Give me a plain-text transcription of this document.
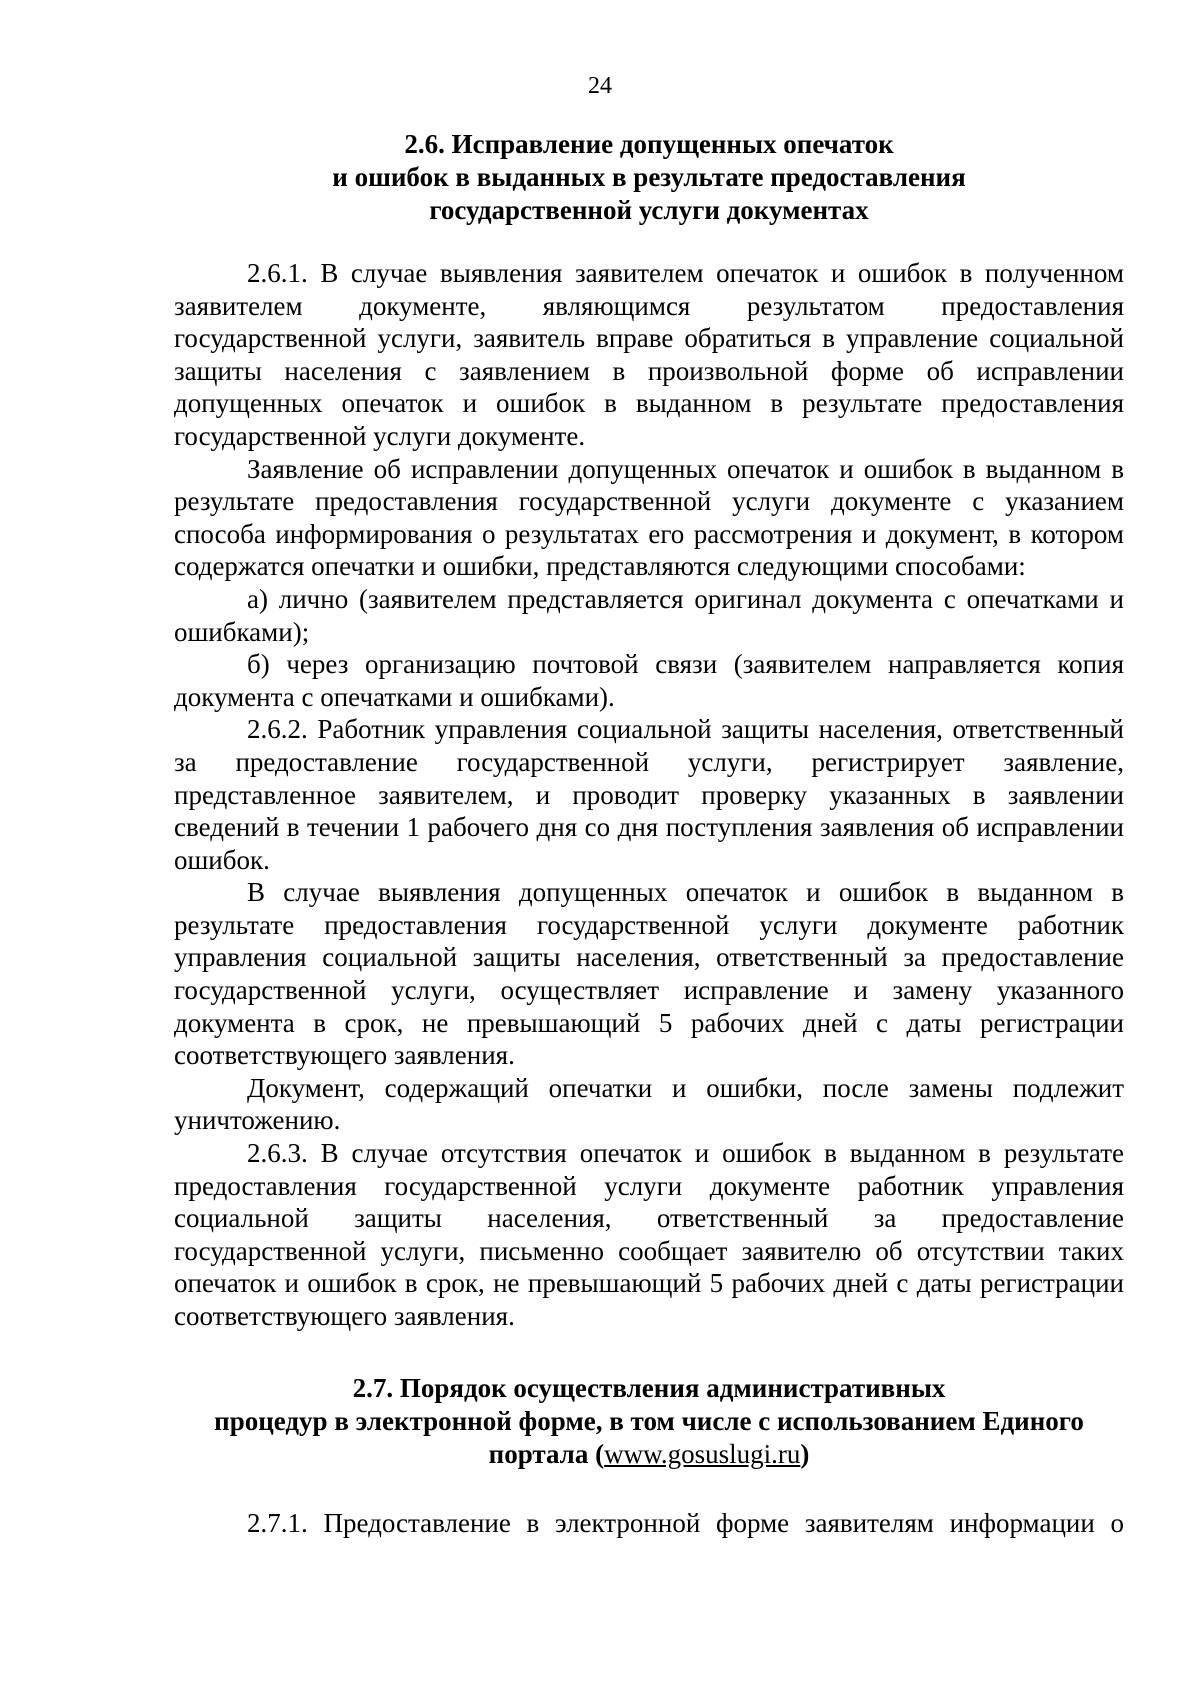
24
2.6. Исправление допущенных опечаток
и ошибок в выданных в результате предоставления
государственной услуги документах

2.6.1. В случае выявления заявителем опечаток и ошибок в полученном заявителем документе, являющимся результатом предоставления государственной услуги, заявитель вправе обратиться в управление социальной защиты населения с заявлением в произвольной форме об исправлении допущенных опечаток и ошибок в выданном в результате предоставления государственной услуги документе.

Заявление об исправлении допущенных опечаток и ошибок в выданном в результате предоставления государственной услуги документе с указанием способа информирования о результатах его рассмотрения и документ, в котором содержатся опечатки и ошибки, представляются следующими способами:

а) лично (заявителем представляется оригинал документа с опечатками и ошибками);

б) через организацию почтовой связи (заявителем направляется копия документа с опечатками и ошибками).

2.6.2. Работник управления социальной защиты населения, ответственный за предоставление государственной услуги, регистрирует заявление, представленное заявителем, и проводит проверку указанных в заявлении сведений в течении 1 рабочего дня со дня поступления заявления об исправлении ошибок.

В случае выявления допущенных опечаток и ошибок в выданном в результате предоставления государственной услуги документе работник управления социальной защиты населения, ответственный за предоставление государственной услуги, осуществляет исправление и замену указанного документа в срок, не превышающий 5 рабочих дней с даты регистрации соответствующего заявления.

Документ, содержащий опечатки и ошибки, после замены подлежит уничтожению.

2.6.3. В случае отсутствия опечаток и ошибок в выданном в результате предоставления государственной услуги документе работник управления социальной защиты населения, ответственный за предоставление государственной услуги, письменно сообщает заявителю об отсутствии таких опечаток и ошибок в срок, не превышающий 5 рабочих дней с даты регистрации соответствующего заявления.

2.7. Порядок осуществления административных
процедур в электронной форме, в том числе с использованием Единого
портала (www.gosuslugi.ru)

2.7.1. Предоставление в электронной форме заявителям информации о
